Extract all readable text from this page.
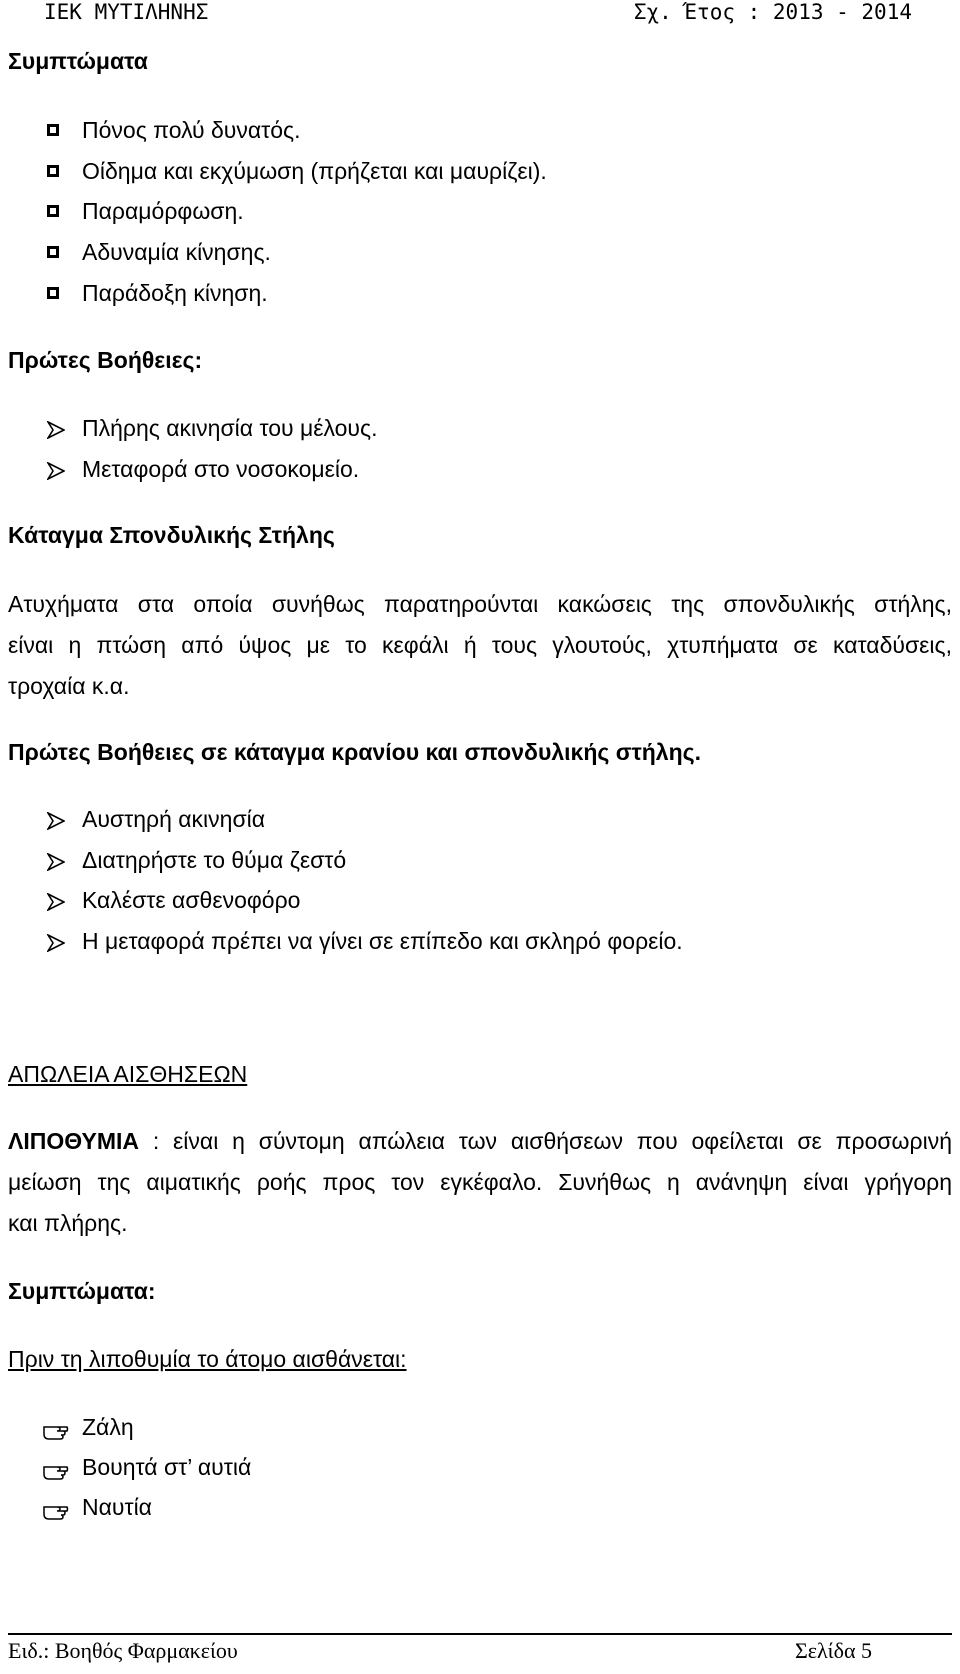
ΙΕΚ ΜΥΤΙΛΗΝΗΣ	Σχ. Έτος : 2013 - 2014
Συμπτώματα
Πόνος πολύ δυνατός.
Οίδημα και εκχύμωση (πρήζεται και μαυρίζει).
Παραμόρφωση.
Αδυναμία κίνησης.
Παράδοξη κίνηση.
Πρώτες Βοήθειες:
Πλήρης ακινησία του μέλους.
Μεταφορά στο νοσοκομείο.
Κάταγμα Σπονδυλικής Στήλης
Ατυχήματα στα οποία συνήθως παρατηρούνται κακώσεις της σπονδυλικής στήλης,
είναι η πτώση από ύψος με το κεφάλι ή τους γλουτούς, χτυπήματα σε καταδύσεις,
τροχαία κ.α.
Πρώτες Βοήθειες σε κάταγμα κρανίου και σπονδυλικής στήλης.
Αυστηρή ακινησία
Διατηρήστε το θύμα ζεστό
Καλέστε ασθενοφόρο
Η μεταφορά πρέπει να γίνει σε επίπεδο και σκληρό φορείο.
ΑΠΩΛΕΙΑ ΑΙΣΘΗΣΕΩΝ
ΛΙΠΟΘΥΜΙΑ : είναι η σύντομη απώλεια των αισθήσεων που οφείλεται σε προσωρινή
μείωση της αιματικής ροής προς τον εγκέφαλο. Συνήθως η ανάνηψη είναι γρήγορη
και πλήρης.
Συμπτώματα:
Πριν τη λιποθυμία το άτομο αισθάνεται:
Ζάλη
Βουητά στ’ αυτιά
Ναυτία
Ειδ.: Βοηθός Φαρμακείου	Σελίδα 5
